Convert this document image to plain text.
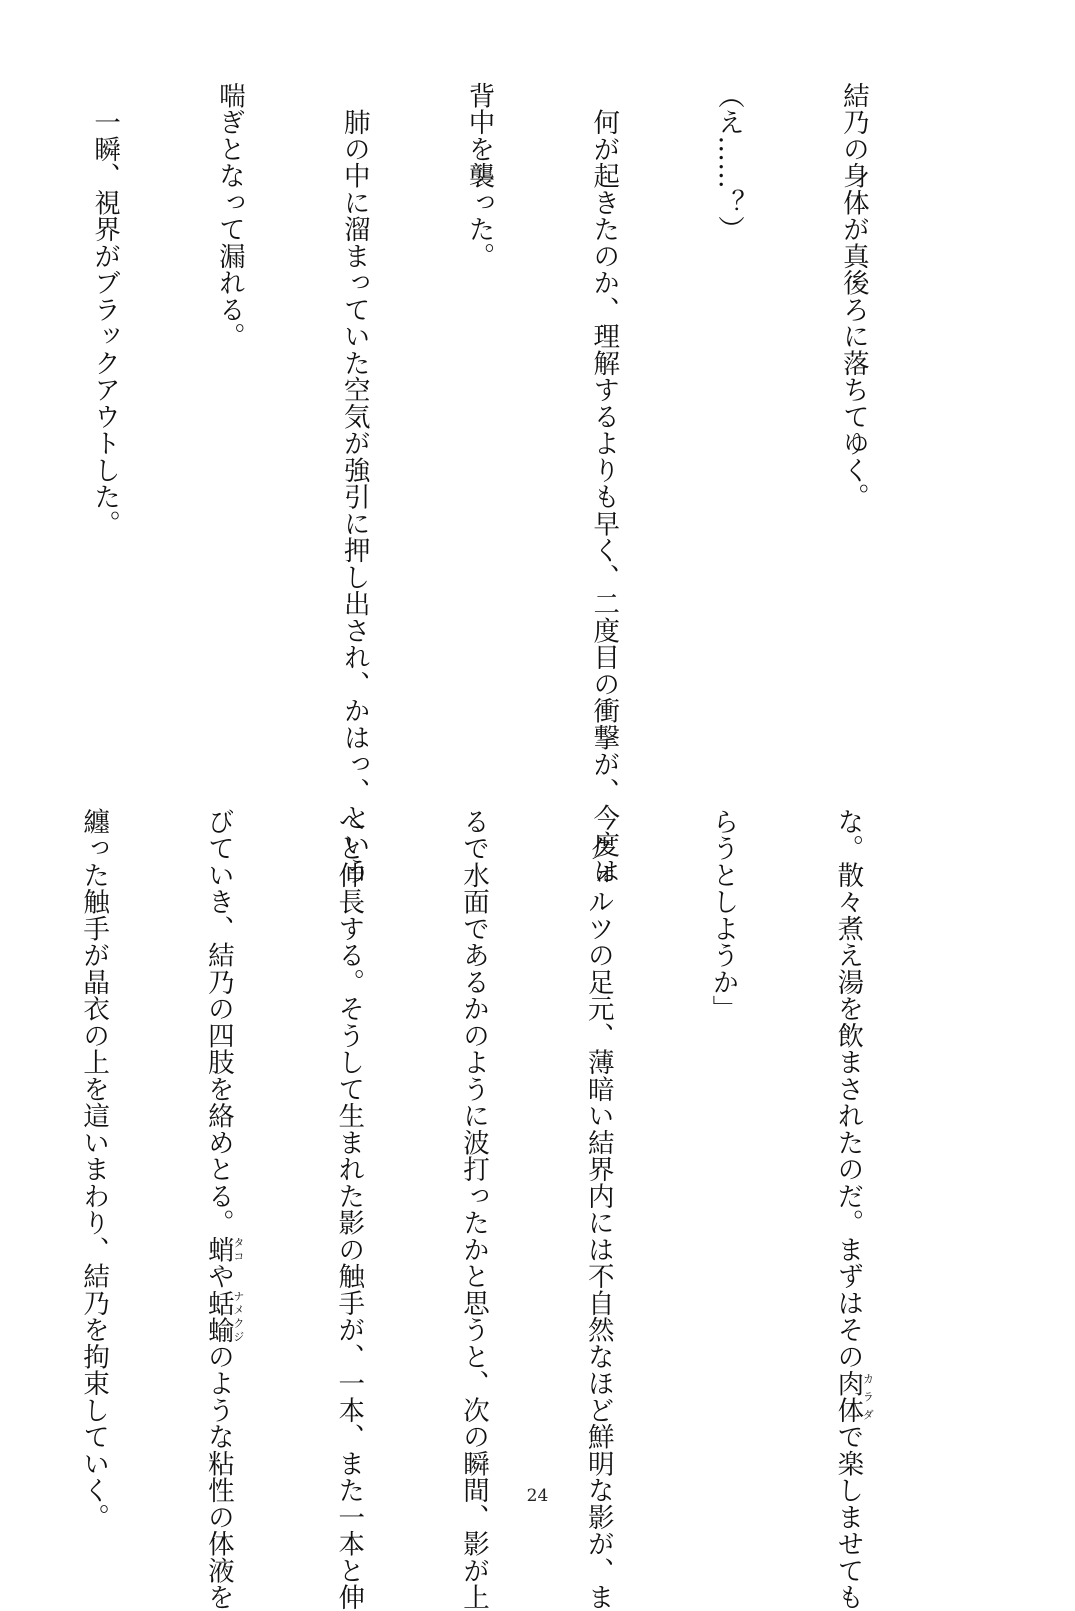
結乃の身体が真後ろに落ちてゆく。

（え……？）

　何が起きたのか、理解するよりも早く、二度目の衝撃が、今度は

背中を襲った。

　肺の中に溜まっていた空気が強引に押し出され、かはっ、という

喘ぎとなって漏れる。

　一瞬、視界がブラックアウトした。

な。散々煮え湯を飲まされたのだ。まずはその肉体カラダで楽しませても

らうとしようか」

　クォルツの足元、薄暗い結界内には不自然なほど鮮明な影が、ま

るで水面であるかのように波打ったかと思うと、次の瞬間、影が上

へと伸長する。そうして生まれた影の触手が、一本、また一本と伸

びていき、結乃の四肢を絡めとる。蛸タコや蛞蝓ナメクジのような粘性の体液を

纏った触手が晶衣の上を這いまわり、結乃を拘束していく。

	24
